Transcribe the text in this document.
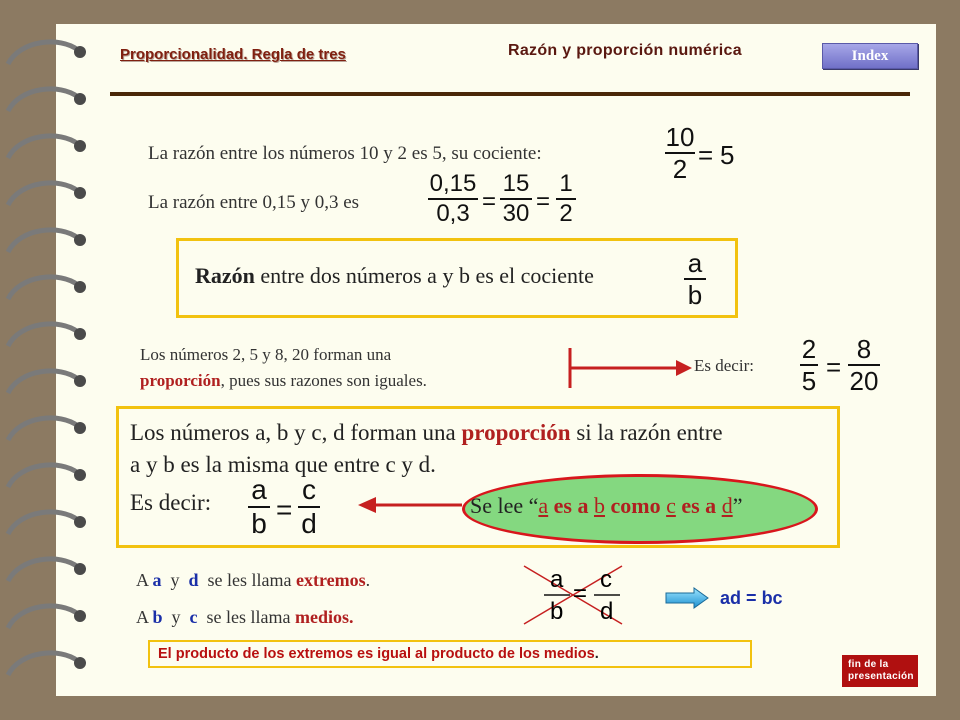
Proporcionalidad. Regla de tres	Razón y proporción numérica	Index
La razón entre los números 10 y 2 es 5, su cociente:
10
2 = 5
La razón entre 0,15 y 0,3 es
0,15
0,3 =
15
30 =
1
2
Razón entre dos números a y b es el cociente	a
b
Los números 2, 5 y 8, 20 forman una
proporción, pues sus razones son iguales.
Es decir:
2
5 =
8
20
Los números a, b y c, d forman una proporción si la razón entre
a y b es la misma que entre c y d.
Es decir: a
b =
c
d
Se lee “a es a b como c es a d”
A a y d se les llama extremos.
A b y c se les llama medios.
a
b
c
d
=	ad = bc
El producto de los extremos es igual al producto de los medios.
fin de la
presentación
